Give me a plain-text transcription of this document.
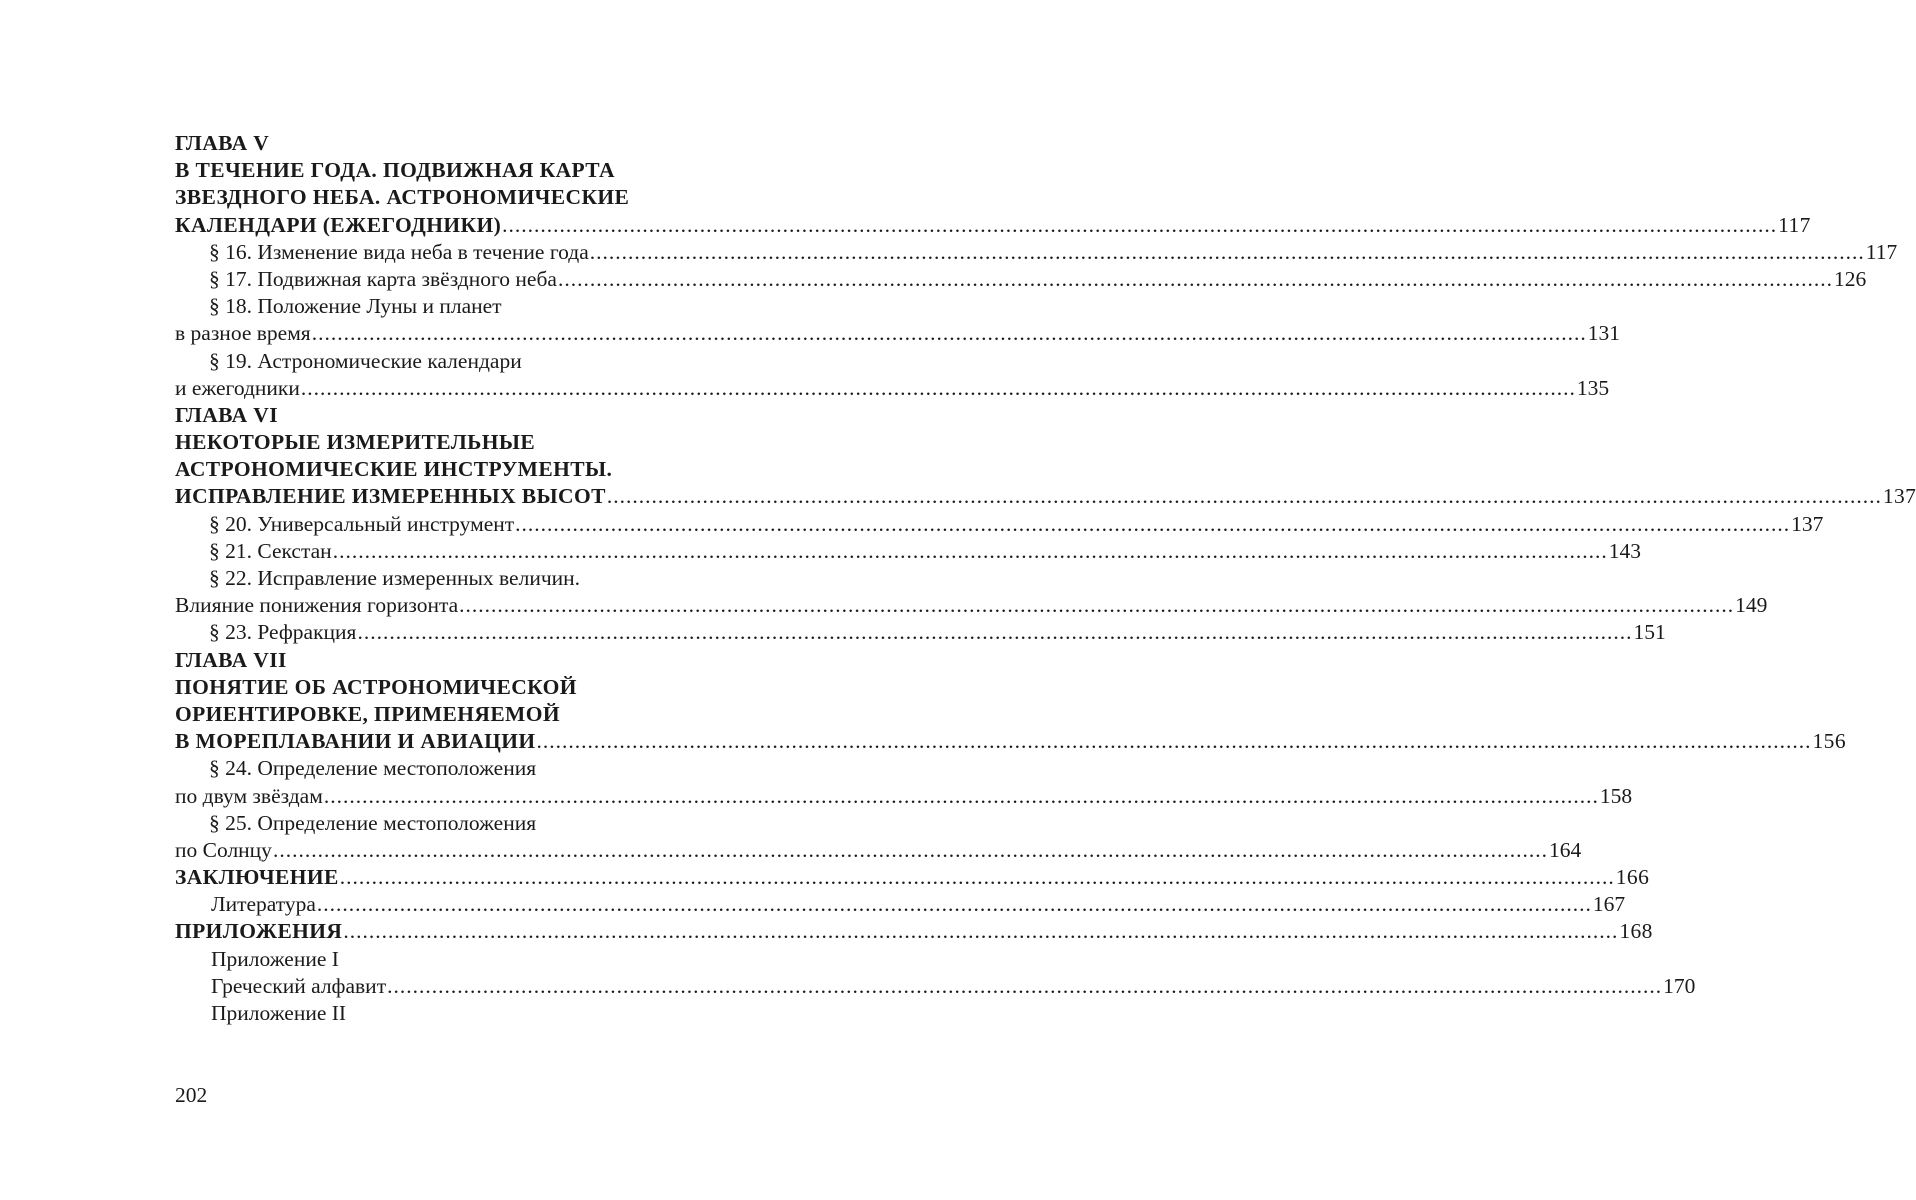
ГЛАВА V
В ТЕЧЕНИЕ ГОДА. ПОДВИЖНАЯ КАРТА
ЗВЕЗДНОГО НЕБА. АСТРОНОМИЧЕСКИЕ
КАЛЕНДАРИ (ЕЖЕГОДНИКИ) ........................................................................................................................................................................................................ 117
§ 16. Изменение вида неба в течение года ........................................................................................................................................................................................................ 117
§ 17. Подвижная карта звёздного неба ........................................................................................................................................................................................................ 126
§ 18. Положение Луны и планет
в разное время ........................................................................................................................................................................................................ 131
§ 19. Астрономические календари
и ежегодники ........................................................................................................................................................................................................ 135
ГЛАВА VI
НЕКОТОРЫЕ ИЗМЕРИТЕЛЬНЫЕ
АСТРОНОМИЧЕСКИЕ ИНСТРУМЕНТЫ.
ИСПРАВЛЕНИЕ ИЗМЕРЕННЫХ ВЫСОТ ........................................................................................................................................................................................................ 137
§ 20. Универсальный инструмент ........................................................................................................................................................................................................ 137
§ 21. Секстан ........................................................................................................................................................................................................ 143
§ 22. Исправление измеренных величин.
Влияние понижения горизонта ........................................................................................................................................................................................................ 149
§ 23. Рефракция ........................................................................................................................................................................................................ 151
ГЛАВА VII
ПОНЯТИЕ ОБ АСТРОНОМИЧЕСКОЙ
ОРИЕНТИРОВКЕ, ПРИМЕНЯЕМОЙ
В МОРЕПЛАВАНИИ И АВИАЦИИ ........................................................................................................................................................................................................ 156
§ 24. Определение местоположения
по двум звёздам ........................................................................................................................................................................................................ 158
§ 25. Определение местоположения
по Солнцу ........................................................................................................................................................................................................ 164
ЗАКЛЮЧЕНИЕ ........................................................................................................................................................................................................ 166
Литература ........................................................................................................................................................................................................ 167
ПРИЛОЖЕНИЯ ........................................................................................................................................................................................................ 168
Приложение I
Греческий алфавит ........................................................................................................................................................................................................ 170
Приложение II
202
